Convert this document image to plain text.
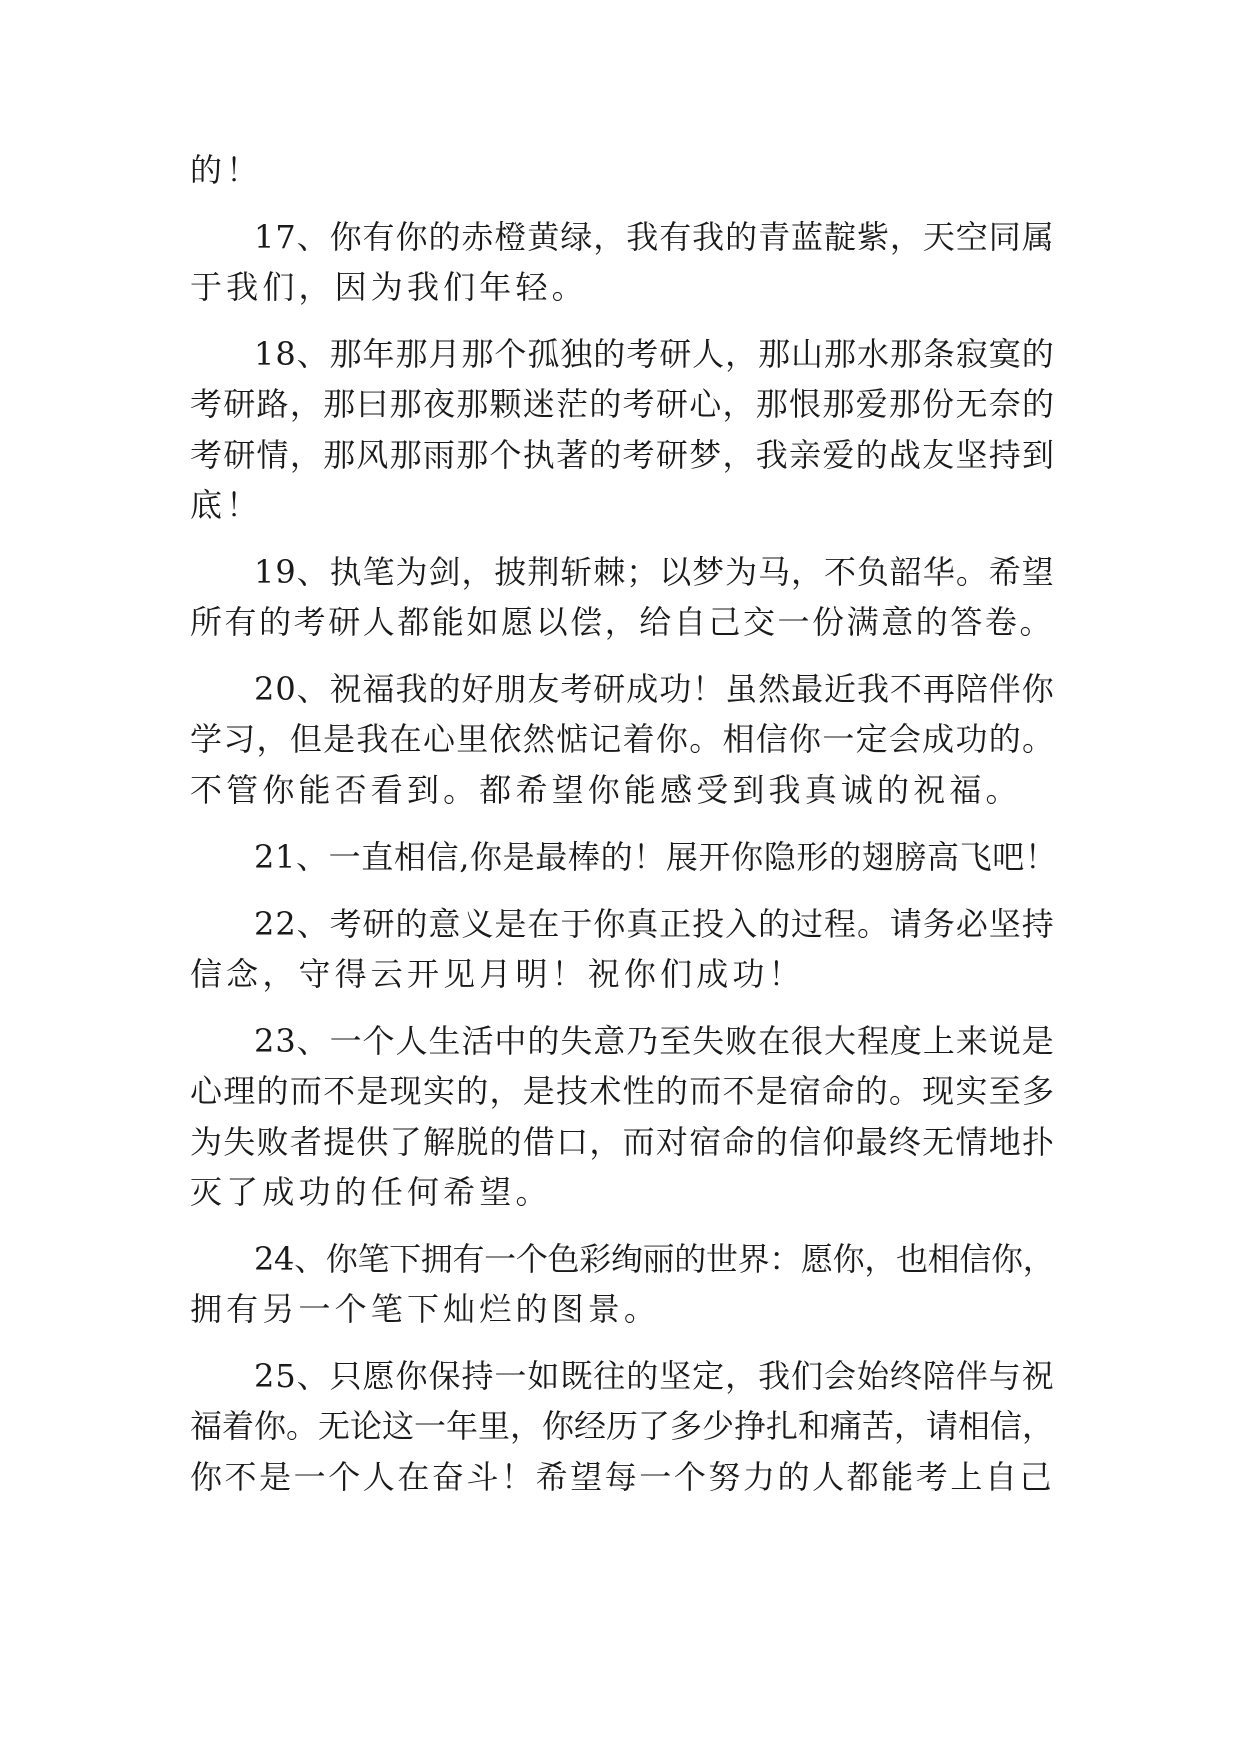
的！
17、你有你的赤橙黄绿，我有我的青蓝靛紫，天空同属
于我们，因为我们年轻。
18、那年那月那个孤独的考研人，那山那水那条寂寞的
考研路，那曰那夜那颗迷茫的考研心，那恨那爱那份无奈的
考研情，那风那雨那个执著的考研梦，我亲爱的战友坚持到
底！
19、执笔为剑，披荆斩棘；以梦为马，不负韶华。希望
所有的考研人都能如愿以偿，给自己交一份满意的答卷。
20、祝福我的好朋友考研成功！虽然最近我不再陪伴你
学习，但是我在心里依然惦记着你。相信你一定会成功的。
不管你能否看到。都希望你能感受到我真诚的祝福。
21、一直相信,你是最棒的！展开你隐形的翅膀高飞吧！
22、考研的意义是在于你真正投入的过程。请务必坚持
信念，守得云开见月明！祝你们成功！
23、一个人生活中的失意乃至失败在很大程度上来说是
心理的而不是现实的，是技术性的而不是宿命的。现实至多
为失败者提供了解脱的借口，而对宿命的信仰最终无情地扑
灭了成功的任何希望。
24、你笔下拥有一个色彩绚丽的世界：愿你，也相信你，
拥有另一个笔下灿烂的图景。
25、只愿你保持一如既往的坚定，我们会始终陪伴与祝
福着你。无论这一年里，你经历了多少挣扎和痛苦，请相信，
你不是一个人在奋斗！希望每一个努力的人都能考上自己
